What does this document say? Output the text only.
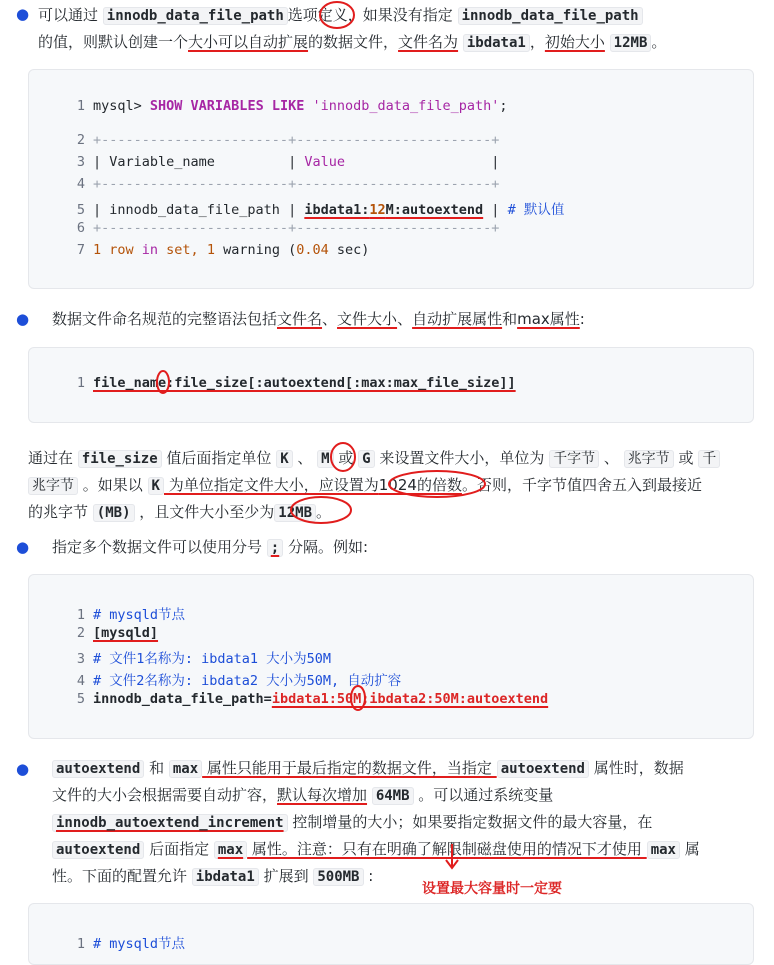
● 可以通过 innodb_data_file_path 选项定义，如果没有指定 innodb_data_file_path
的值，则默认创建一个大小可以自动扩展的数据文件，文件名为 ibdata1 ，初始大小 12MB 。
1 mysql> SHOW VARIABLES LIKE 'innodb_data_file_path';
2 +-----------------------+------------------------+
3 | Variable_name         | Value                  |
4 +-----------------------+------------------------+
5 | innodb_data_file_path | ibdata1:12M:autoextend | # 默认值
6 +-----------------------+------------------------+
7 1 row in set, 1 warning (0.04 sec)
● 数据文件命名规范的完整语法包括文件名、文件大小、自动扩展属性和max属性:
1 file_name:file_size[:autoextend[:max:max_file_size]]
通过在 file_size 值后面指定单位 K 、 M 或 G 来设置文件大小，单位为 千字节 、 兆字节 或 千
兆字节 。如果以 K 为单位指定文件大小，应设置为1024的倍数。否则，千字节值四舍五入到最接近
的兆字节 (MB) ，且文件大小至少为 12MB 。
● 指定多个数据文件可以使用分号 ; 分隔。例如:
1 # mysqld节点
2 [mysqld]
3 # 文件1名称为: ibdata1 大小为50M
4 # 文件2名称为: ibdata2 大小为50M, 自动扩容
5 innodb_data_file_path=ibdata1:50M;ibdata2:50M:autoextend
● autoextend 和 max 属性只能用于最后指定的数据文件，当指定 autoextend 属性时，数据
文件的大小会根据需要自动扩容，默认每次增加 64MB 。可以通过系统变量
innodb_autoextend_increment 控制增量的大小；如果要指定数据文件的最大容量，在
autoextend 后面指定 max 属性。注意：只有在明确了解限制磁盘使用的情况下才使用 max 属
性。下面的配置允许 ibdata1 扩展到 500MB :
设置最大容量时一定要
1 # mysqld节点
